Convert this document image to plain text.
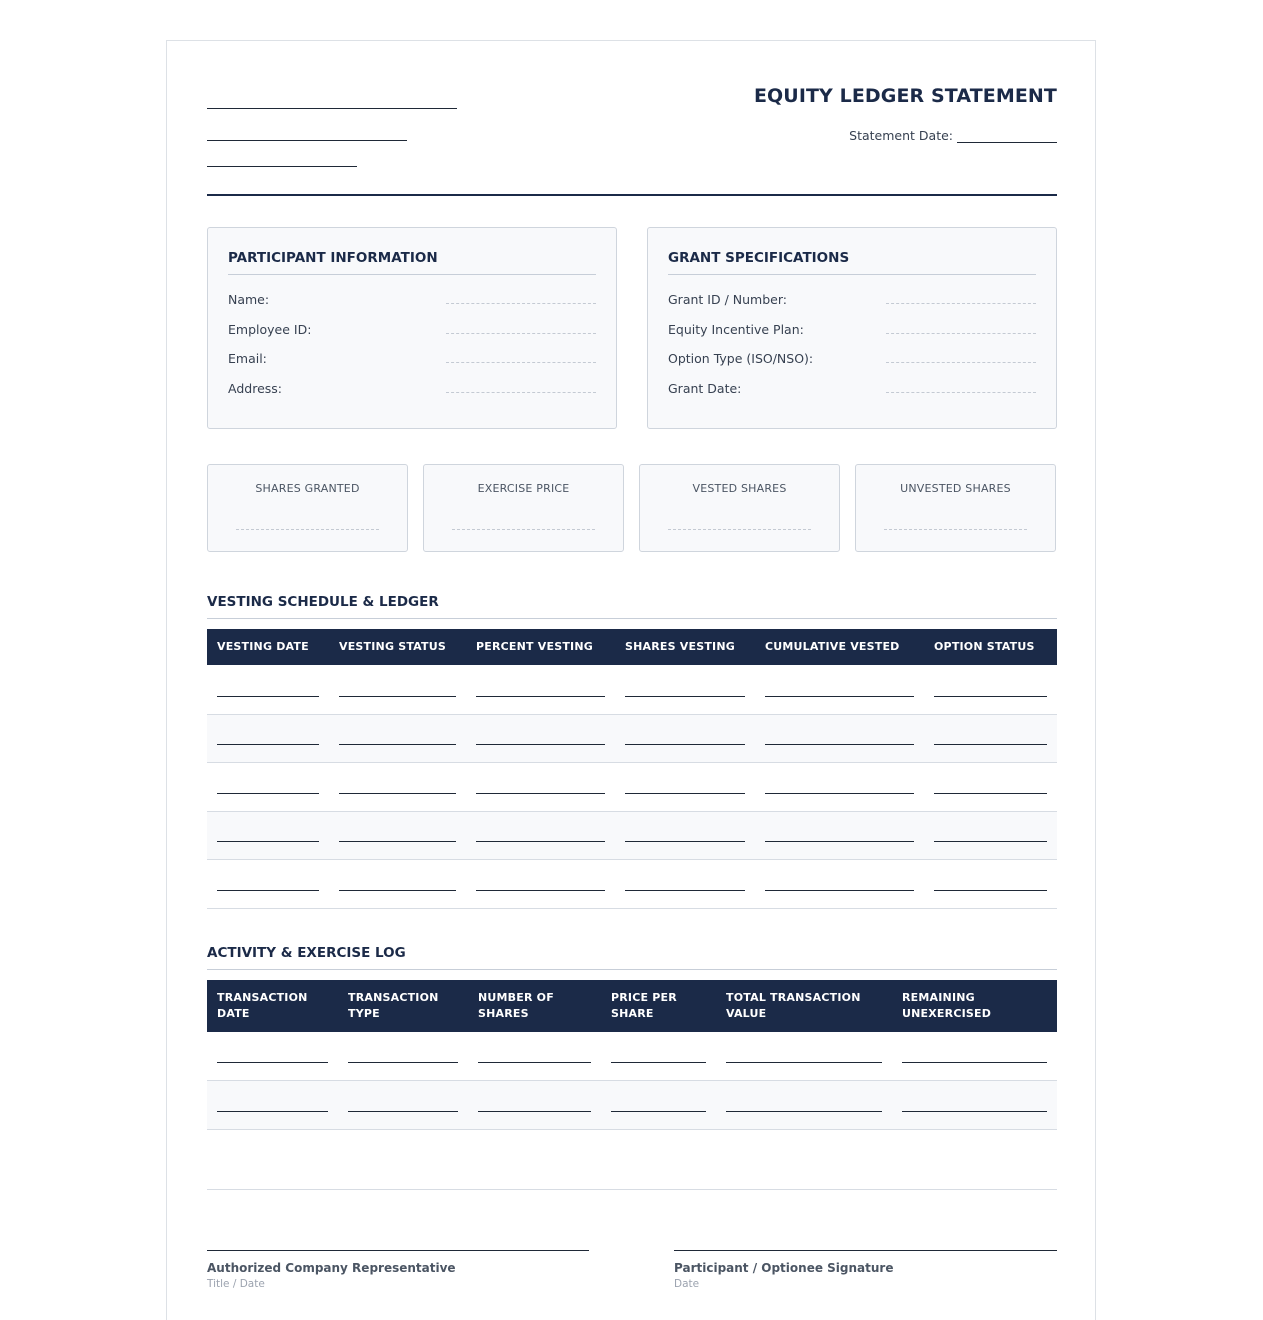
EQUITY LEDGER STATEMENT
Statement Date:
PARTICIPANT INFORMATION
Name:
Employee ID:
Email:
Address:
GRANT SPECIFICATIONS
Grant ID / Number:
Equity Incentive Plan:
Option Type (ISO/NSO):
Grant Date:
SHARES GRANTED	EXERCISE PRICE	VESTED SHARES	UNVESTED SHARES
VESTING SCHEDULE & LEDGER
VESTING DATE	VESTING STATUS	PERCENT VESTING	SHARES VESTING	CUMULATIVE VESTED	OPTION STATUS

ACTIVITY & EXERCISE LOG
TRANSACTION DATE	TRANSACTION TYPE	NUMBER OF SHARES	PRICE PER SHARE	TOTAL TRANSACTION VALUE	REMAINING UNEXERCISED

Authorized Company Representative
Title / Date
Participant / Optionee Signature
Date
